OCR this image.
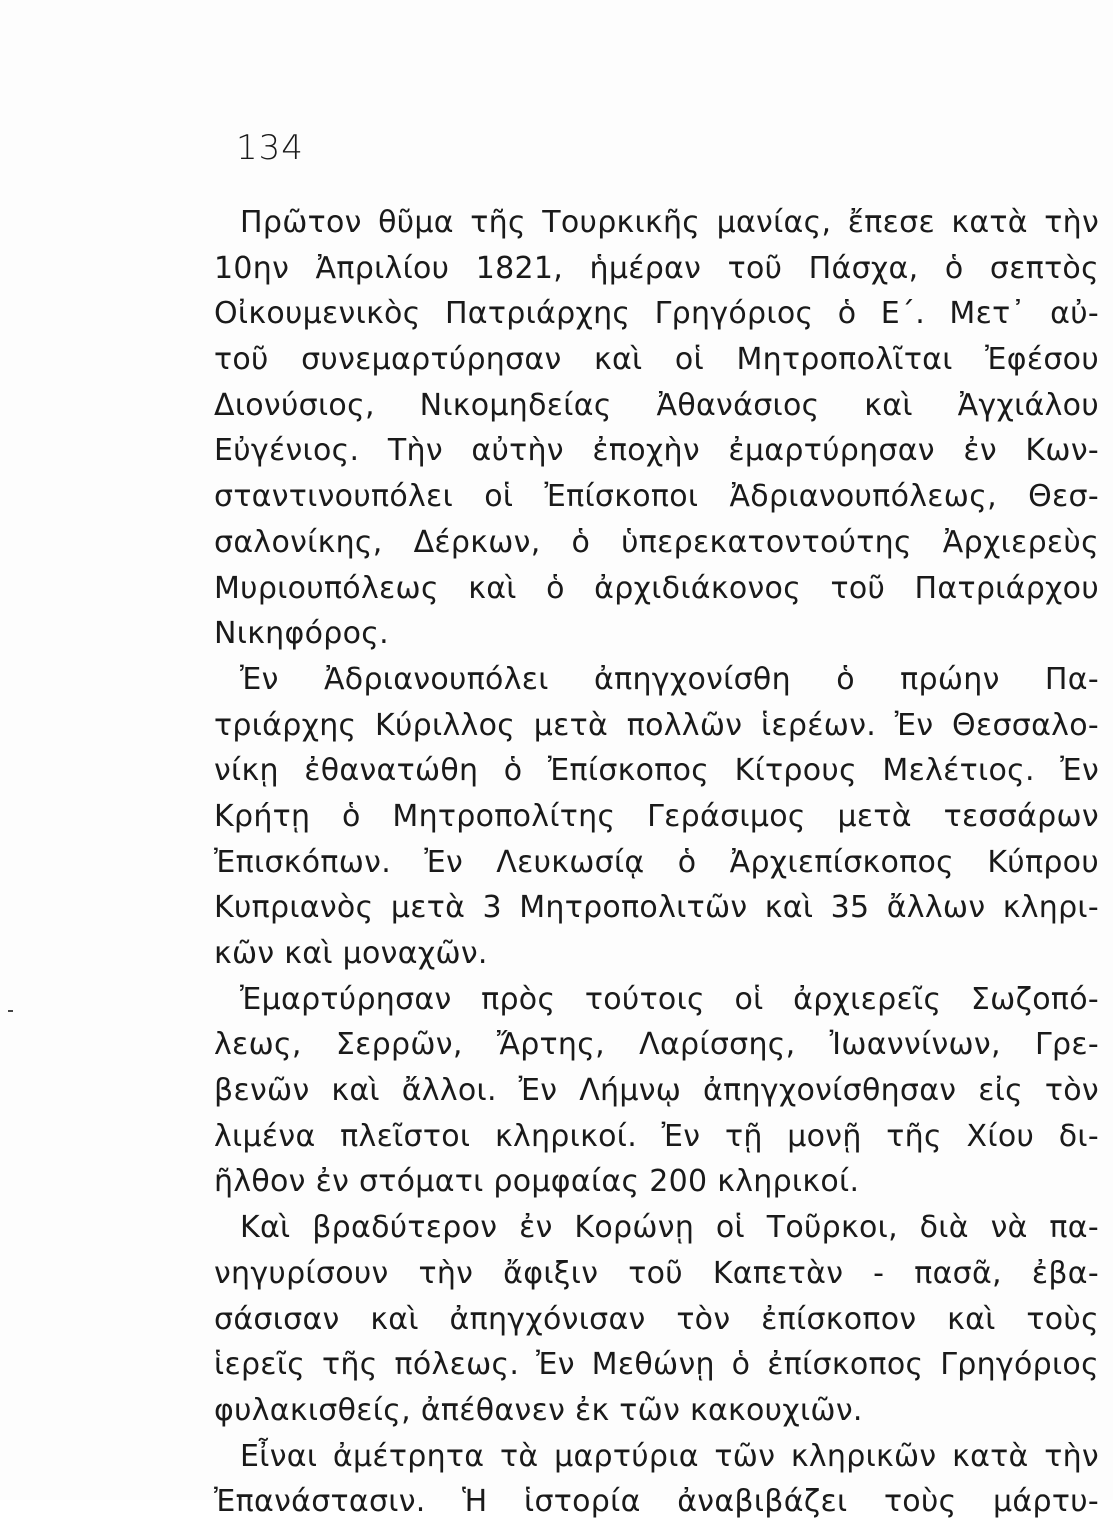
134
Πρῶτον θῦμα τῆς Τουρκικῆς μανίας, ἔπεσε κατὰ τὴν
10ην Ἀπριλίου 1821, ἡμέραν τοῦ Πάσχα, ὁ σεπτὸς
Οἰκουμενικὸς Πατριάρχης Γρηγόριος ὁ Ε΄. Μετ᾽ αὐ-
τοῦ συνεμαρτύρησαν καὶ οἱ Μητροπολῖται Ἐφέσου
Διονύσιος, Νικομηδείας Ἀθανάσιος καὶ Ἀγχιάλου
Εὐγένιος. Τὴν αὐτὴν ἐποχὴν ἐμαρτύρησαν ἐν Κων-
σταντινουπόλει οἱ Ἐπίσκοποι Ἀδριανουπόλεως, Θεσ-
σαλονίκης, Δέρκων, ὁ ὑπερεκατοντούτης Ἀρχιερεὺς
Μυριουπόλεως καὶ ὁ ἀρχιδιάκονος τοῦ Πατριάρχου
Νικηφόρος.
Ἐν Ἀδριανουπόλει ἀπηγχονίσθη ὁ πρώην Πα-
τριάρχης Κύριλλος μετὰ πολλῶν ἱερέων. Ἐν Θεσσαλο-
νίκῃ ἐθανατώθη ὁ Ἐπίσκοπος Κίτρους Μελέτιος. Ἐν
Κρήτῃ ὁ Μητροπολίτης Γεράσιμος μετὰ τεσσάρων
Ἐπισκόπων. Ἐν Λευκωσίᾳ ὁ Ἀρχιεπίσκοπος Κύπρου
Κυπριανὸς μετὰ 3 Μητροπολιτῶν καὶ 35 ἄλλων κληρι-
κῶν καὶ μοναχῶν.
Ἐμαρτύρησαν πρὸς τούτοις οἱ ἀρχιερεῖς Σωζοπό-
λεως, Σερρῶν, Ἄρτης, Λαρίσσης, Ἰωαννίνων, Γρε-
βενῶν καὶ ἄλλοι. Ἐν Λήμνῳ ἀπηγχονίσθησαν εἰς τὸν
λιμένα πλεῖστοι κληρικοί. Ἐν τῇ μονῇ τῆς Χίου δι-
ῆλθον ἐν στόματι ρομφαίας 200 κληρικοί.
Καὶ βραδύτερον ἐν Κορώνῃ οἱ Τοῦρκοι, διὰ νὰ πα-
νηγυρίσουν τὴν ἄφιξιν τοῦ Καπετὰν - πασᾶ, ἐβα-
σάσισαν καὶ ἀπηγχόνισαν τὸν ἐπίσκοπον καὶ τοὺς
ἱερεῖς τῆς πόλεως. Ἐν Μεθώνῃ ὁ ἐπίσκοπος Γρηγόριος
φυλακισθείς, ἀπέθανεν ἐκ τῶν κακουχιῶν.
Εἶναι ἀμέτρητα τὰ μαρτύρια τῶν κληρικῶν κατὰ τὴν
Ἐπανάστασιν. Ἡ ἱστορία ἀναβιβάζει τοὺς μάρτυ-
